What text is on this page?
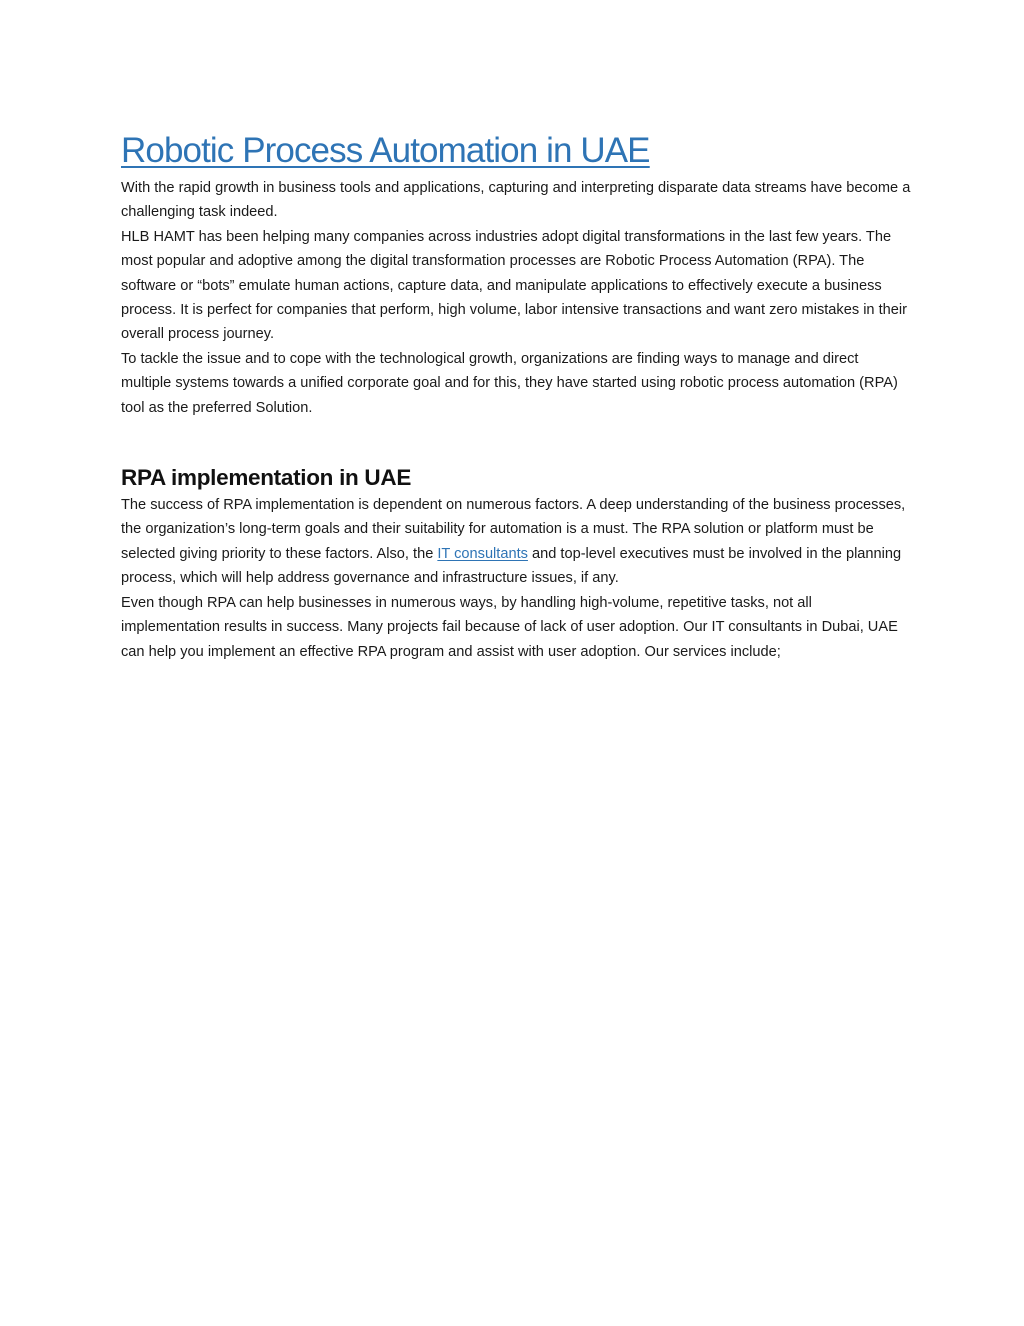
Robotic Process Automation in UAE

With the rapid growth in business tools and applications, capturing and interpreting disparate data streams have become a challenging task indeed.

HLB HAMT has been helping many companies across industries adopt digital transformations in the last few years. The most popular and adoptive among the digital transformation processes are Robotic Process Automation (RPA). The software or “bots” emulate human actions, capture data, and manipulate applications to effectively execute a business process. It is perfect for companies that perform, high volume, labor intensive transactions and want zero mistakes in their overall process journey.

To tackle the issue and to cope with the technological growth, organizations are finding ways to manage and direct multiple systems towards a unified corporate goal and for this, they have started using robotic process automation (RPA) tool as the preferred Solution.

RPA implementation in UAE

The success of RPA implementation is dependent on numerous factors. A deep understanding of the business processes, the organization’s long-term goals and their suitability for automation is a must. The RPA solution or platform must be selected giving priority to these factors. Also, the IT consultants and top-level executives must be involved in the planning process, which will help address governance and infrastructure issues, if any.

Even though RPA can help businesses in numerous ways, by handling high-volume, repetitive tasks, not all implementation results in success. Many projects fail because of lack of user adoption. Our IT consultants in Dubai, UAE can help you implement an effective RPA program and assist with user adoption. Our services include;
